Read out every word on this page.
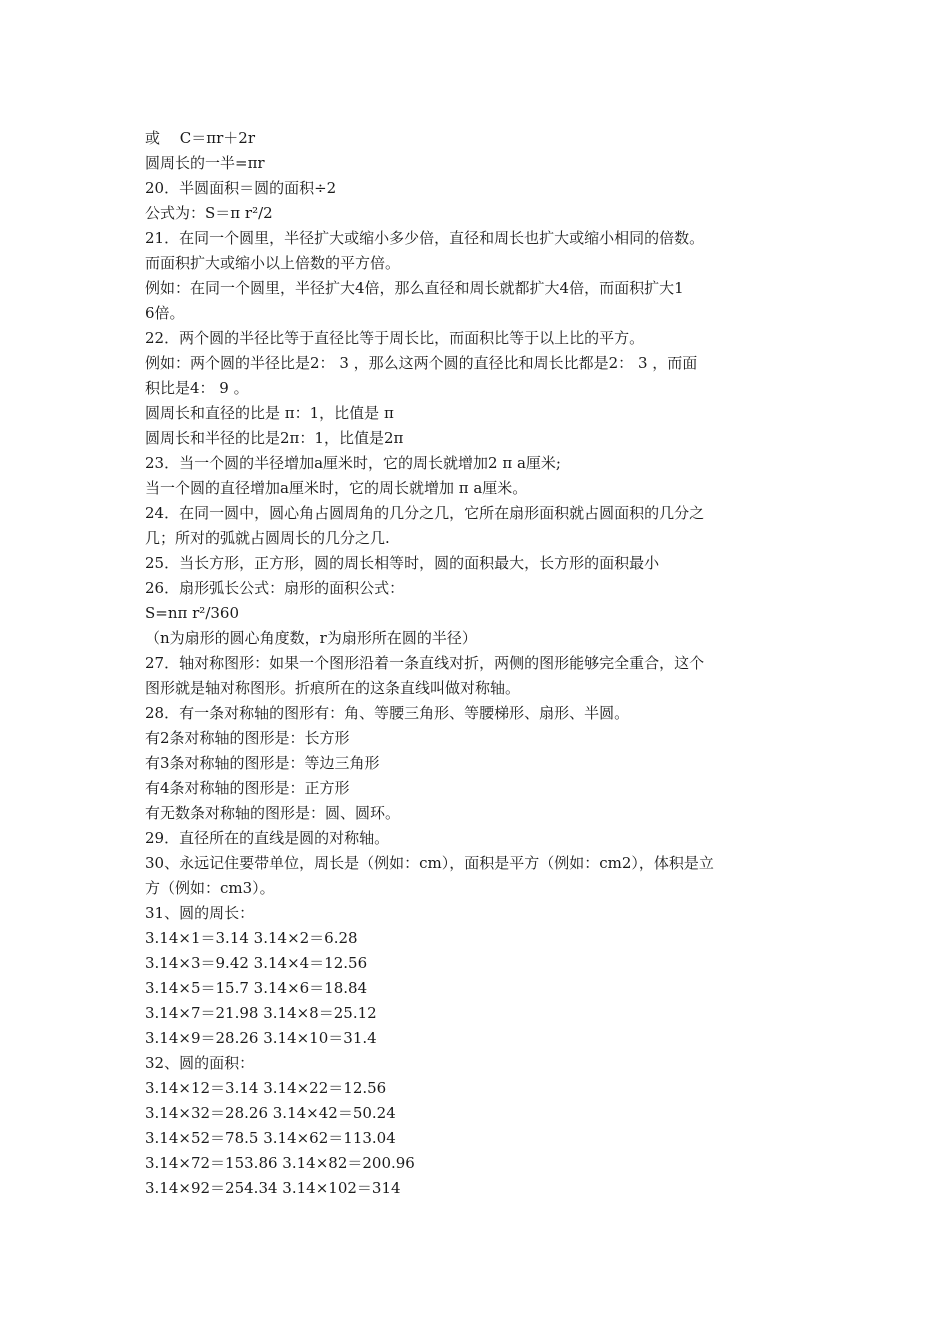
或　 C＝πr＋2r
圆周长的一半=πr
20．半圆面积＝圆的面积÷2
公式为：S＝π r²/2
21．在同一个圆里，半径扩大或缩小多少倍，直径和周长也扩大或缩小相同的倍数。
而面积扩大或缩小以上倍数的平方倍。
例如：在同一个圆里，半径扩大4倍，那么直径和周长就都扩大4倍，而面积扩大1
6倍。
22．两个圆的半径比等于直径比等于周长比，而面积比等于以上比的平方。
例如：两个圆的半径比是2： 3 ，那么这两个圆的直径比和周长比都是2： 3 ，而面
积比是4： 9 。
圆周长和直径的比是 π：1，比值是 π
圆周长和半径的比是2π：1，比值是2π
23．当一个圆的半径增加a厘米时，它的周长就增加2 π a厘米;
当一个圆的直径增加a厘米时，它的周长就增加 π a厘米。
24．在同一圆中，圆心角占圆周角的几分之几，它所在扇形面积就占圆面积的几分之
几；所对的弧就占圆周长的几分之几.
25．当长方形，正方形，圆的周长相等时，圆的面积最大，长方形的面积最小
26．扇形弧长公式：扇形的面积公式：
S=nπ r²/360
（n为扇形的圆心角度数，r为扇形所在圆的半径）
27．轴对称图形：如果一个图形沿着一条直线对折，两侧的图形能够完全重合，这个
图形就是轴对称图形。折痕所在的这条直线叫做对称轴。
28．有一条对称轴的图形有：角、等腰三角形、等腰梯形、扇形、半圆。
有2条对称轴的图形是：长方形
有3条对称轴的图形是：等边三角形
有4条对称轴的图形是：正方形
有无数条对称轴的图形是：圆、圆环。
29．直径所在的直线是圆的对称轴。
30、永远记住要带单位，周长是（例如：cm），面积是平方（例如：cm2），体积是立
方（例如：cm3）。
31、圆的周长：
3.14×1＝3.14 3.14×2＝6.28
3.14×3＝9.42 3.14×4＝12.56
3.14×5＝15.7 3.14×6＝18.84
3.14×7＝21.98 3.14×8＝25.12
3.14×9＝28.26 3.14×10＝31.4
32、圆的面积：
3.14×12＝3.14 3.14×22＝12.56
3.14×32＝28.26 3.14×42＝50.24
3.14×52＝78.5 3.14×62＝113.04
3.14×72＝153.86 3.14×82＝200.96
3.14×92＝254.34 3.14×102＝314
